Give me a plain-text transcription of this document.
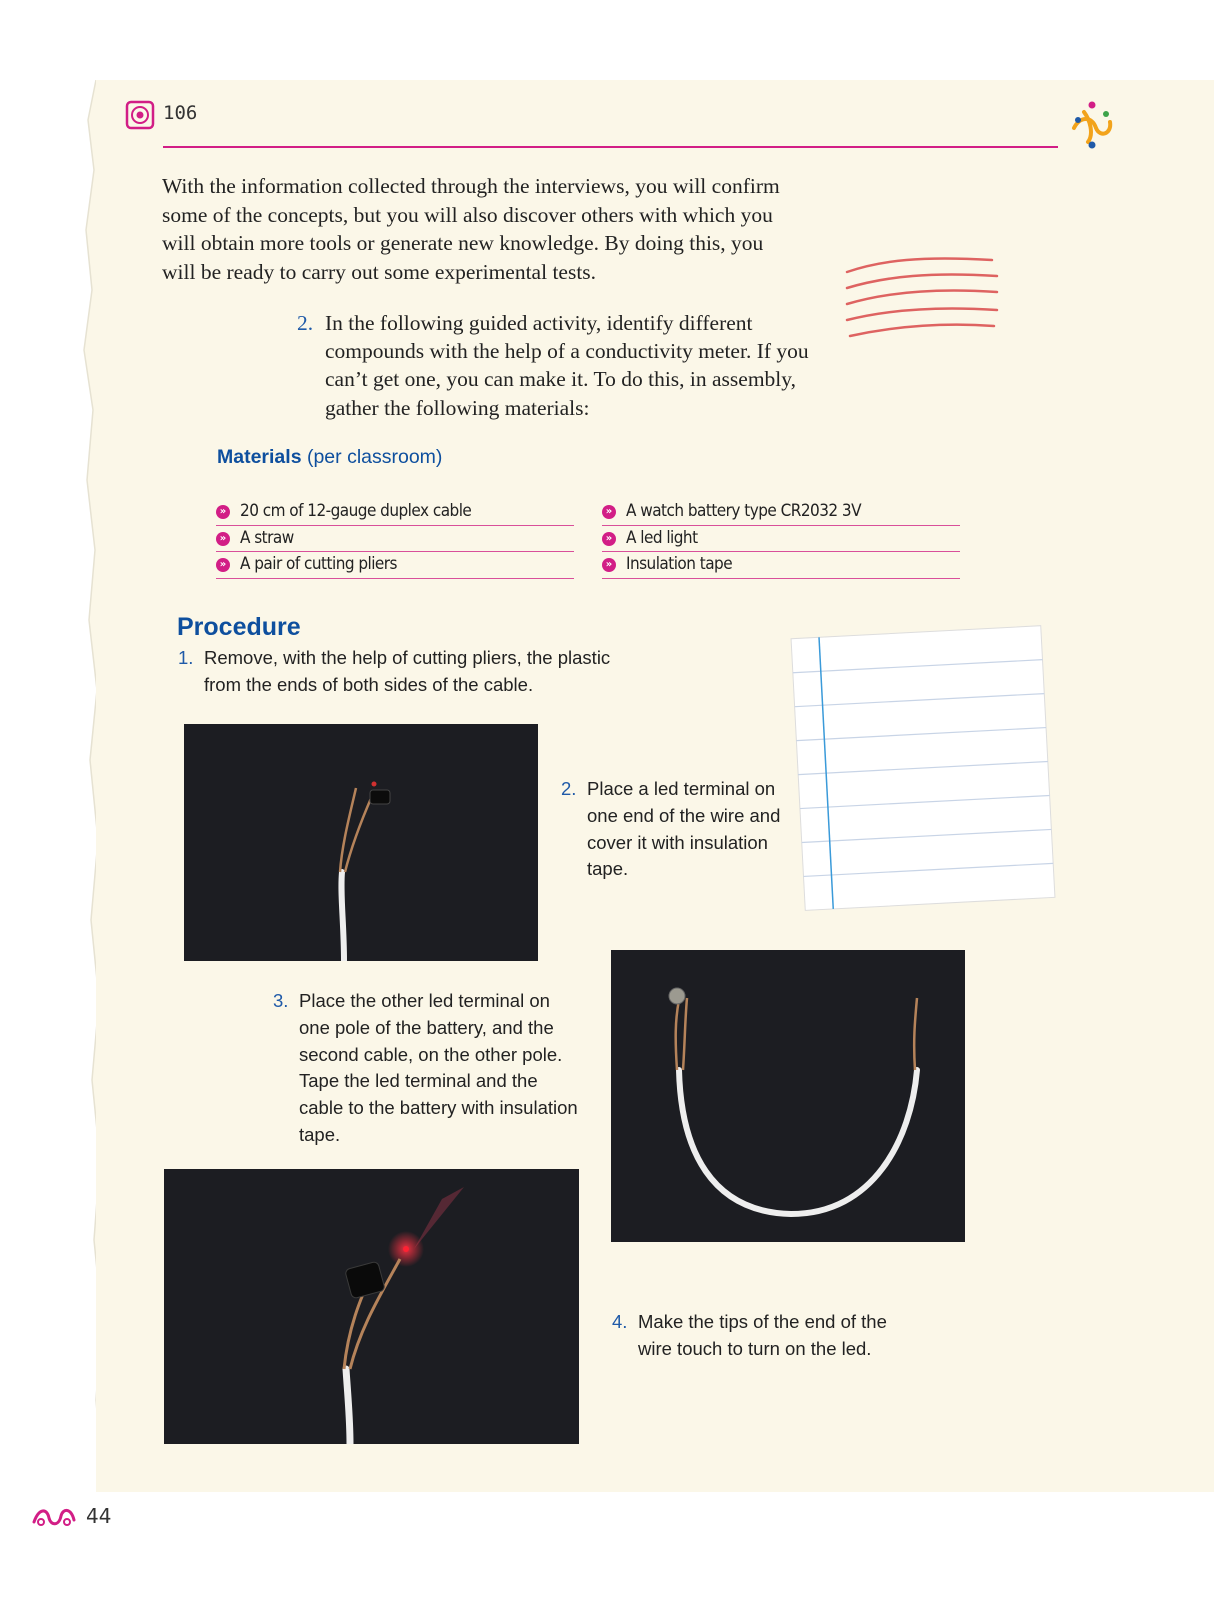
106
With the information collected through the interviews, you will confirm some of the concepts, but you will also discover others with which you will obtain more tools or generate new knowledge. By doing this, you will be ready to carry out some experimental tests.
2. In the following guided activity, identify different compounds with the help of a conductivity meter. If you can’t get one, you can make it. To do this, in assembly, gather the following materials:
Materials (per classroom)
» 20 cm of 12-gauge duplex cable
» A straw
» A pair of cutting pliers
» A watch battery type CR2032 3V
» A led light
» Insulation tape
Procedure
1. Remove, with the help of cutting pliers, the plastic from the ends of both sides of the cable.
2. Place a led terminal on one end of the wire and cover it with insulation tape.
3. Place the other led terminal on one pole of the battery, and the second cable, on the other pole. Tape the led terminal and the cable to the battery with insulation tape.
4. Make the tips of the end of the wire touch to turn on the led.
44
